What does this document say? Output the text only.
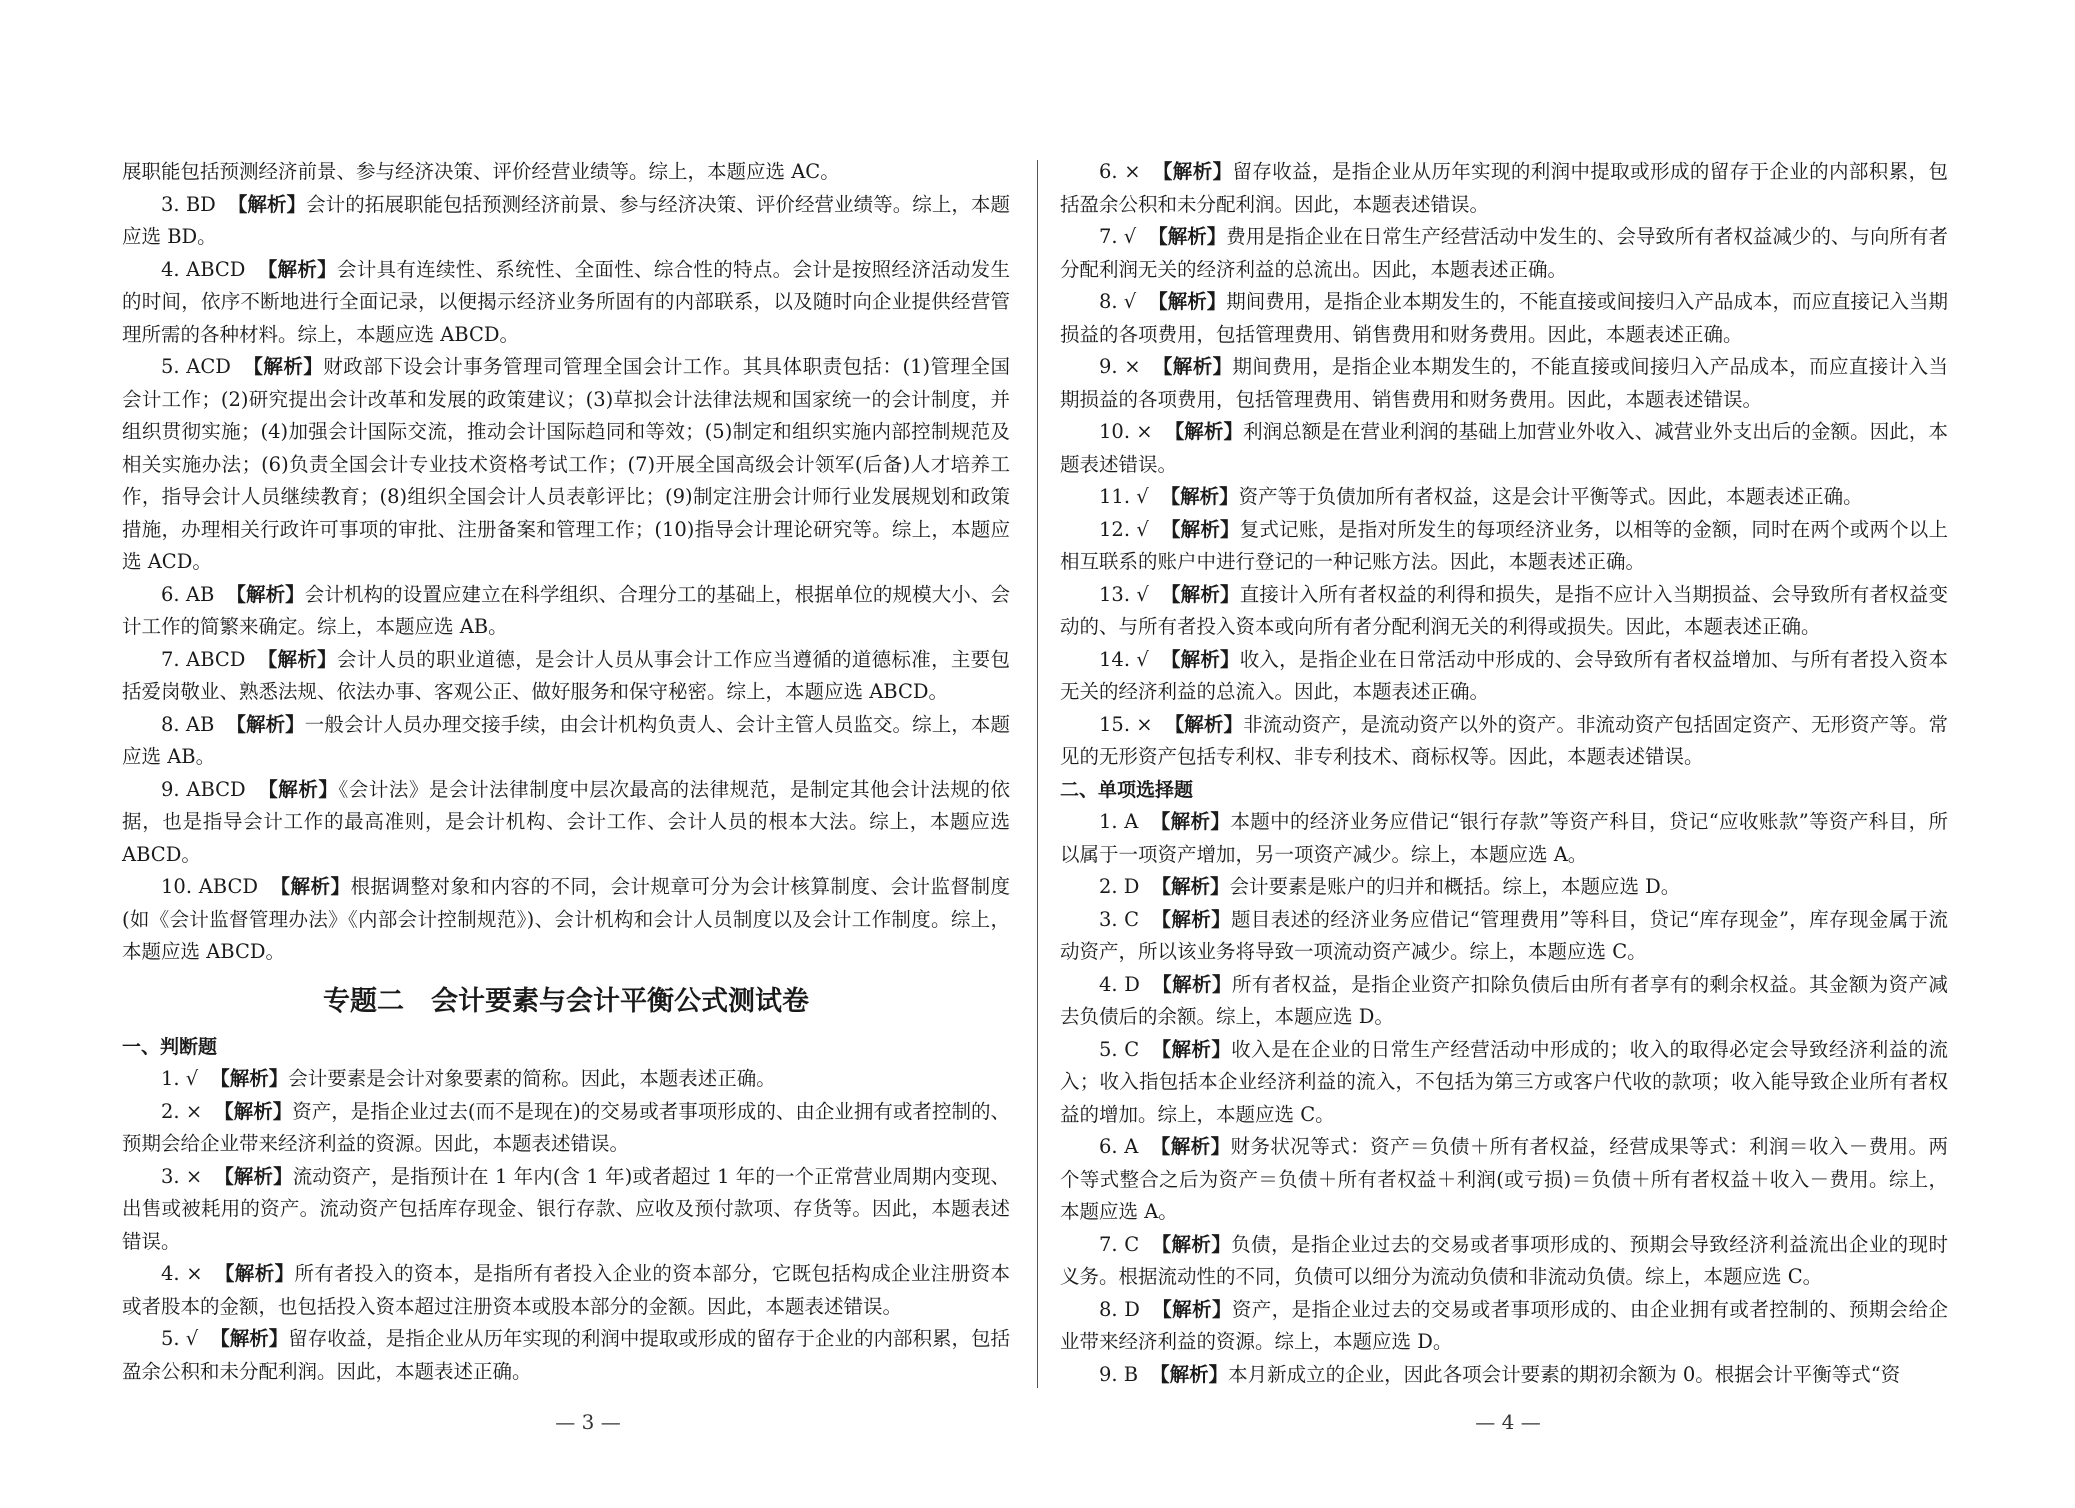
展职能包括预测经济前景、参与经济决策、评价经营业绩等。综上，本题应选 AC。

3. BD 【解析】会计的拓展职能包括预测经济前景、参与经济决策、评价经营业绩等。综上，本题应选 BD。

4. ABCD 【解析】会计具有连续性、系统性、全面性、综合性的特点。会计是按照经济活动发生的时间，依序不断地进行全面记录，以便揭示经济业务所固有的内部联系，以及随时向企业提供经营管理所需的各种材料。综上，本题应选 ABCD。

5. ACD 【解析】财政部下设会计事务管理司管理全国会计工作。其具体职责包括：(1)管理全国会计工作；(2)研究提出会计改革和发展的政策建议；(3)草拟会计法律法规和国家统一的会计制度，并组织贯彻实施；(4)加强会计国际交流，推动会计国际趋同和等效；(5)制定和组织实施内部控制规范及相关实施办法；(6)负责全国会计专业技术资格考试工作；(7)开展全国高级会计领军(后备)人才培养工作，指导会计人员继续教育；(8)组织全国会计人员表彰评比；(9)制定注册会计师行业发展规划和政策措施，办理相关行政许可事项的审批、注册备案和管理工作；(10)指导会计理论研究等。综上，本题应选 ACD。

6. AB 【解析】会计机构的设置应建立在科学组织、合理分工的基础上，根据单位的规模大小、会计工作的简繁来确定。综上，本题应选 AB。

7. ABCD 【解析】会计人员的职业道德，是会计人员从事会计工作应当遵循的道德标准，主要包括爱岗敬业、熟悉法规、依法办事、客观公正、做好服务和保守秘密。综上，本题应选 ABCD。

8. AB 【解析】一般会计人员办理交接手续，由会计机构负责人、会计主管人员监交。综上，本题应选 AB。

9. ABCD 【解析】《会计法》是会计法律制度中层次最高的法律规范，是制定其他会计法规的依据，也是指导会计工作的最高准则，是会计机构、会计工作、会计人员的根本大法。综上，本题应选 ABCD。

10. ABCD 【解析】根据调整对象和内容的不同，会计规章可分为会计核算制度、会计监督制度(如《会计监督管理办法》《内部会计控制规范》)、会计机构和会计人员制度以及会计工作制度。综上，本题应选 ABCD。

专题二　会计要素与会计平衡公式测试卷
一、判断题

1. √ 【解析】会计要素是会计对象要素的简称。因此，本题表述正确。

2. × 【解析】资产，是指企业过去(而不是现在)的交易或者事项形成的、由企业拥有或者控制的、预期会给企业带来经济利益的资源。因此，本题表述错误。

3. × 【解析】流动资产，是指预计在 1 年内(含 1 年)或者超过 1 年的一个正常营业周期内变现、出售或被耗用的资产。流动资产包括库存现金、银行存款、应收及预付款项、存货等。因此，本题表述错误。

4. × 【解析】所有者投入的资本，是指所有者投入企业的资本部分，它既包括构成企业注册资本或者股本的金额，也包括投入资本超过注册资本或股本部分的金额。因此，本题表述错误。

5. √ 【解析】留存收益，是指企业从历年实现的利润中提取或形成的留存于企业的内部积累，包括盈余公积和未分配利润。因此，本题表述正确。

6. × 【解析】留存收益，是指企业从历年实现的利润中提取或形成的留存于企业的内部积累，包括盈余公积和未分配利润。因此，本题表述错误。

7. √ 【解析】费用是指企业在日常生产经营活动中发生的、会导致所有者权益减少的、与向所有者分配利润无关的经济利益的总流出。因此，本题表述正确。

8. √ 【解析】期间费用，是指企业本期发生的，不能直接或间接归入产品成本，而应直接记入当期损益的各项费用，包括管理费用、销售费用和财务费用。因此，本题表述正确。

9. × 【解析】期间费用，是指企业本期发生的，不能直接或间接归入产品成本，而应直接计入当期损益的各项费用，包括管理费用、销售费用和财务费用。因此，本题表述错误。

10. × 【解析】利润总额是在营业利润的基础上加营业外收入、减营业外支出后的金额。因此，本题表述错误。

11. √ 【解析】资产等于负债加所有者权益，这是会计平衡等式。因此，本题表述正确。

12. √ 【解析】复式记账，是指对所发生的每项经济业务，以相等的金额，同时在两个或两个以上相互联系的账户中进行登记的一种记账方法。因此，本题表述正确。

13. √ 【解析】直接计入所有者权益的利得和损失，是指不应计入当期损益、会导致所有者权益变动的、与所有者投入资本或向所有者分配利润无关的利得或损失。因此，本题表述正确。

14. √ 【解析】收入，是指企业在日常活动中形成的、会导致所有者权益增加、与所有者投入资本无关的经济利益的总流入。因此，本题表述正确。

15. × 【解析】非流动资产，是流动资产以外的资产。非流动资产包括固定资产、无形资产等。常见的无形资产包括专利权、非专利技术、商标权等。因此，本题表述错误。

二、单项选择题

1. A 【解析】本题中的经济业务应借记“银行存款”等资产科目，贷记“应收账款”等资产科目，所以属于一项资产增加，另一项资产减少。综上，本题应选 A。

2. D 【解析】会计要素是账户的归并和概括。综上，本题应选 D。

3. C 【解析】题目表述的经济业务应借记“管理费用”等科目，贷记“库存现金”，库存现金属于流动资产，所以该业务将导致一项流动资产减少。综上，本题应选 C。

4. D 【解析】所有者权益，是指企业资产扣除负债后由所有者享有的剩余权益。其金额为资产减去负债后的余额。综上，本题应选 D。

5. C 【解析】收入是在企业的日常生产经营活动中形成的；收入的取得必定会导致经济利益的流入；收入指包括本企业经济利益的流入，不包括为第三方或客户代收的款项；收入能导致企业所有者权益的增加。综上，本题应选 C。

6. A 【解析】财务状况等式：资产＝负债＋所有者权益，经营成果等式：利润＝收入－费用。两个等式整合之后为资产＝负债＋所有者权益＋利润(或亏损)＝负债＋所有者权益＋收入－费用。综上，本题应选 A。

7. C 【解析】负债，是指企业过去的交易或者事项形成的、预期会导致经济利益流出企业的现时义务。根据流动性的不同，负债可以细分为流动负债和非流动负债。综上，本题应选 C。

8. D 【解析】资产，是指企业过去的交易或者事项形成的、由企业拥有或者控制的、预期会给企业带来经济利益的资源。综上，本题应选 D。

9. B 【解析】本月新成立的企业，因此各项会计要素的期初余额为 0。根据会计平衡等式“资

— 3 —	— 4 —
